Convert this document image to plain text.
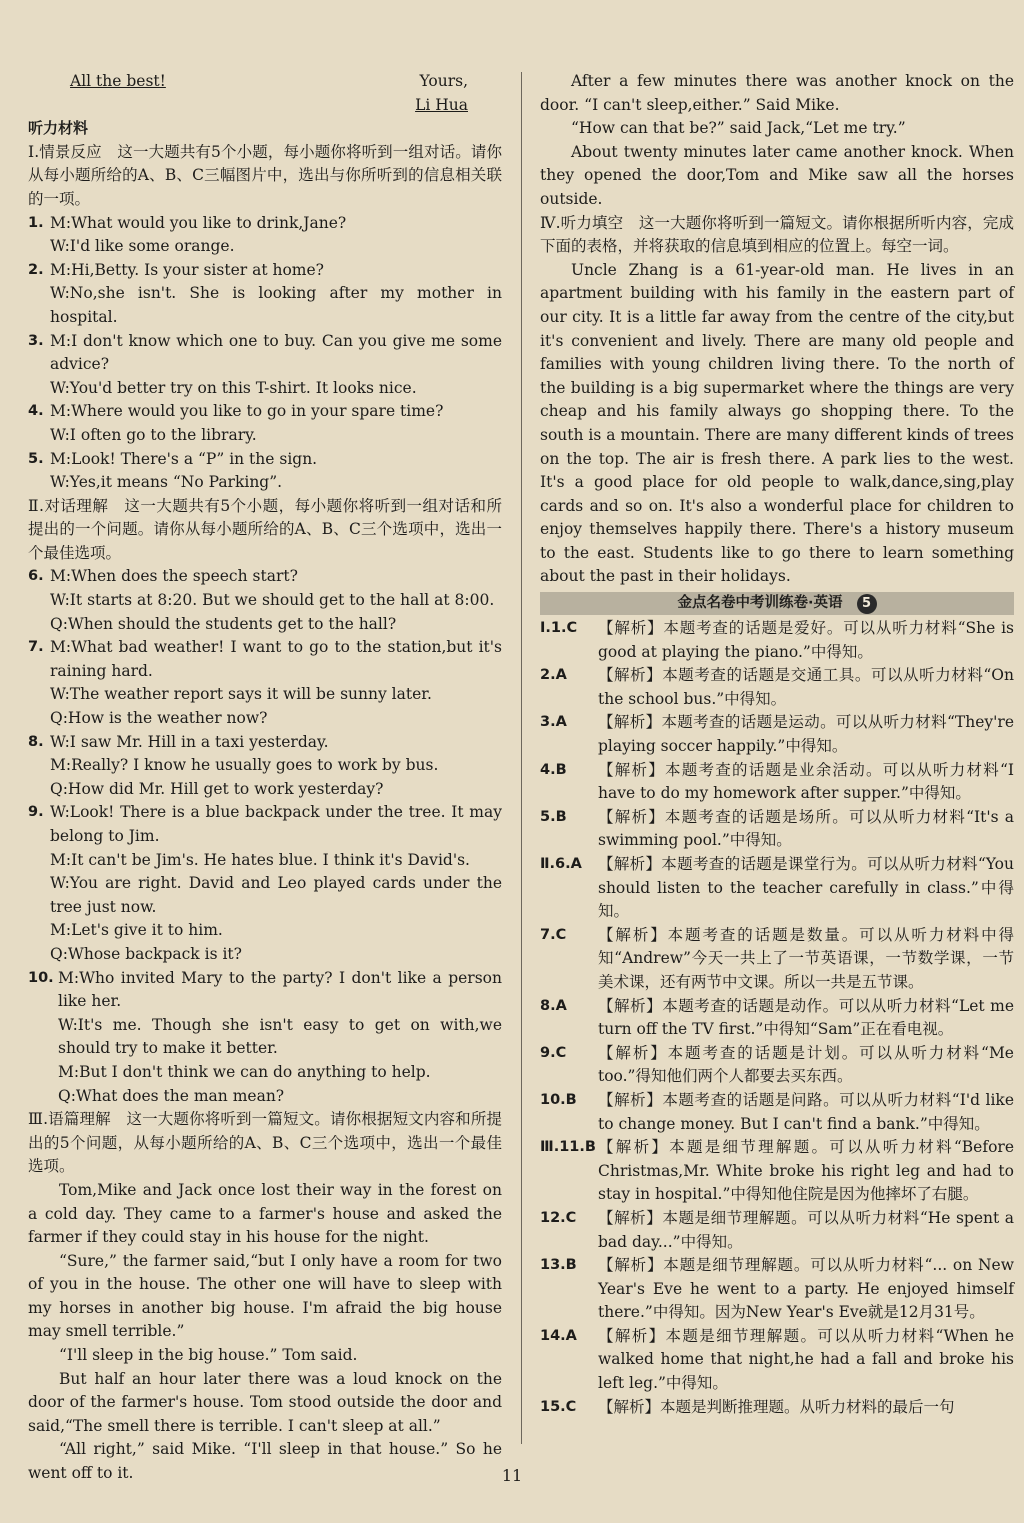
All the best!	Yours,
Li Hua

听力材料

Ⅰ.情景反应　这一大题共有5个小题，每小题你将听到一组对话。请你从每小题所给的A、B、C三幅图片中，选出与你所听到的信息相关联的一项。

1. M:What would you like to drink,Jane?
W:I'd like some orange.
2. M:Hi,Betty. Is your sister at home?
W:No,she isn't. She is looking after my mother in hospital.
3. M:I don't know which one to buy. Can you give me some advice?
W:You'd better try on this T-shirt. It looks nice.
4. M:Where would you like to go in your spare time?
W:I often go to the library.
5. M:Look! There's a “P” in the sign.
W:Yes,it means “No Parking”.

Ⅱ.对话理解　这一大题共有5个小题，每小题你将听到一组对话和所提出的一个问题。请你从每小题所给的A、B、C三个选项中，选出一个最佳选项。

6. M:When does the speech start?
W:It starts at 8:20. But we should get to the hall at 8:00.
Q:When should the students get to the hall?
7. M:What bad weather! I want to go to the station,but it's raining hard.
W:The weather report says it will be sunny later.
Q:How is the weather now?
8. W:I saw Mr. Hill in a taxi yesterday.
M:Really? I know he usually goes to work by bus.
Q:How did Mr. Hill get to work yesterday?
9. W:Look! There is a blue backpack under the tree. It may belong to Jim.
M:It can't be Jim's. He hates blue. I think it's David's.
W:You are right. David and Leo played cards under the tree just now.
M:Let's give it to him.
Q:Whose backpack is it?
10. M:Who invited Mary to the party? I don't like a person like her.
W:It's me. Though she isn't easy to get on with,we should try to make it better.
M:But I don't think we can do anything to help.
Q:What does the man mean?

Ⅲ.语篇理解　这一大题你将听到一篇短文。请你根据短文内容和所提出的5个问题，从每小题所给的A、B、C三个选项中，选出一个最佳选项。

Tom,Mike and Jack once lost their way in the forest on a cold day. They came to a farmer's house and asked the farmer if they could stay in his house for the night.

“Sure,” the farmer said,“but I only have a room for two of you in the house. The other one will have to sleep with my horses in another big house. I'm afraid the big house may smell terrible.”

“I'll sleep in the big house.” Tom said.

But half an hour later there was a loud knock on the door of the farmer's house. Tom stood outside the door and said,“The smell there is terrible. I can't sleep at all.”

“All right,” said Mike. “I'll sleep in that house.” So he went off to it.

After a few minutes there was another knock on the door. “I can't sleep,either.” Said Mike.

“How can that be?” said Jack,“Let me try.”

About twenty minutes later came another knock. When they opened the door,Tom and Mike saw all the horses outside.

Ⅳ.听力填空　这一大题你将听到一篇短文。请你根据所听内容，完成下面的表格，并将获取的信息填到相应的位置上。每空一词。

Uncle Zhang is a 61-year-old man. He lives in an apartment building with his family in the eastern part of our city. It is a little far away from the centre of the city,but it's convenient and lively. There are many old people and families with young children living there. To the north of the building is a big supermarket where the things are very cheap and his family always go shopping there. To the south is a mountain. There are many different kinds of trees on the top. The air is fresh there. A park lies to the west. It's a good place for old people to walk,dance,sing,play cards and so on. It's also a wonderful place for children to enjoy themselves happily there. There's a history museum to the east. Students like to go there to learn something about the past in their holidays.

金点名卷中考训练卷·英语	5
Ⅰ.1.C	【解析】本题考查的话题是爱好。可以从听力材料“She is good at playing the piano.”中得知。
2.A	【解析】本题考查的话题是交通工具。可以从听力材料“On the school bus.”中得知。
3.A	【解析】本题考查的话题是运动。可以从听力材料“They're playing soccer happily.”中得知。
4.B	【解析】本题考查的话题是业余活动。可以从听力材料“I have to do my homework after supper.”中得知。
5.B	【解析】本题考查的话题是场所。可以从听力材料“It's a swimming pool.”中得知。
Ⅱ.6.A	【解析】本题考查的话题是课堂行为。可以从听力材料“You should listen to the teacher carefully in class.”中得知。
7.C	【解析】本题考查的话题是数量。可以从听力材料中得知“Andrew”今天一共上了一节英语课，一节数学课，一节美术课，还有两节中文课。所以一共是五节课。
8.A	【解析】本题考查的话题是动作。可以从听力材料“Let me turn off the TV first.”中得知“Sam”正在看电视。
9.C	【解析】本题考查的话题是计划。可以从听力材料“Me too.”得知他们两个人都要去买东西。
10.B	【解析】本题考查的话题是问路。可以从听力材料“I'd like to change money. But I can't find a bank.”中得知。
Ⅲ.11.B 【解析】本题是细节理解题。可以从听力材料“Before Christmas,Mr. White broke his right leg and had to stay in hospital.”中得知他住院是因为他摔坏了右腿。
12.C	【解析】本题是细节理解题。可以从听力材料“He spent a bad day...”中得知。
13.B	【解析】本题是细节理解题。可以从听力材料“... on New Year's Eve he went to a party. He enjoyed himself there.”中得知。因为New Year's Eve就是12月31号。
14.A	【解析】本题是细节理解题。可以从听力材料“When he walked home that night,he had a fall and broke his left leg.”中得知。
15.C	【解析】本题是判断推理题。从听力材料的最后一句
11
